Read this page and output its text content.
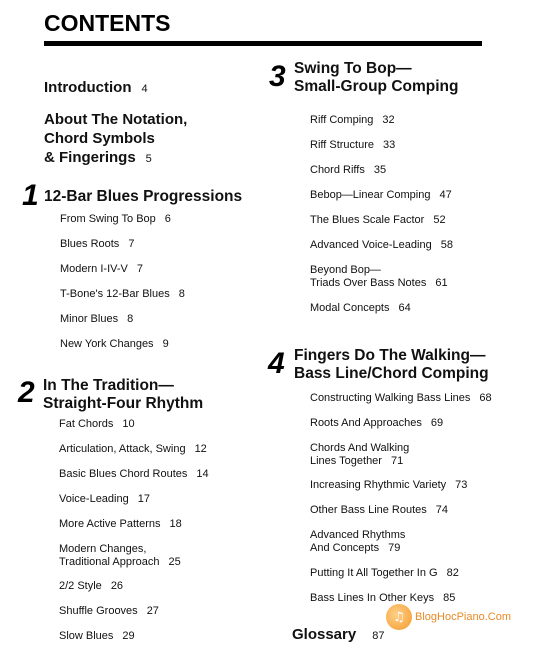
CONTENTS
Introduction 4
About The Notation,
Chord Symbols
& Fingerings 5
1 12-Bar Blues Progressions
From Swing To Bop 6
Blues Roots 7
Modern I-IV-V 7
T-Bone's 12-Bar Blues 8
Minor Blues 8
New York Changes 9
2 In The Tradition—
Straight-Four Rhythm
Fat Chords 10
Articulation, Attack, Swing 12
Basic Blues Chord Routes 14
Voice-Leading 17
More Active Patterns 18
Modern Changes,
Traditional Approach 25
2/2 Style 26
Shuffle Grooves 27
Slow Blues 29
3 Swing To Bop—
Small-Group Comping
Riff Comping 32
Riff Structure 33
Chord Riffs 35
Bebop—Linear Comping 47
The Blues Scale Factor 52
Advanced Voice-Leading 58
Beyond Bop—
Triads Over Bass Notes 61
Modal Concepts 64
4 Fingers Do The Walking—
Bass Line/Chord Comping
Constructing Walking Bass Lines 68
Roots And Approaches 69
Chords And Walking
Lines Together 71
Increasing Rhythmic Variety 73
Other Bass Line Routes 74
Advanced Rhythms
And Concepts 79
Putting It All Together In G 82
Bass Lines In Other Keys 85
Glossary 87
♫ BlogHocPiano.Com
